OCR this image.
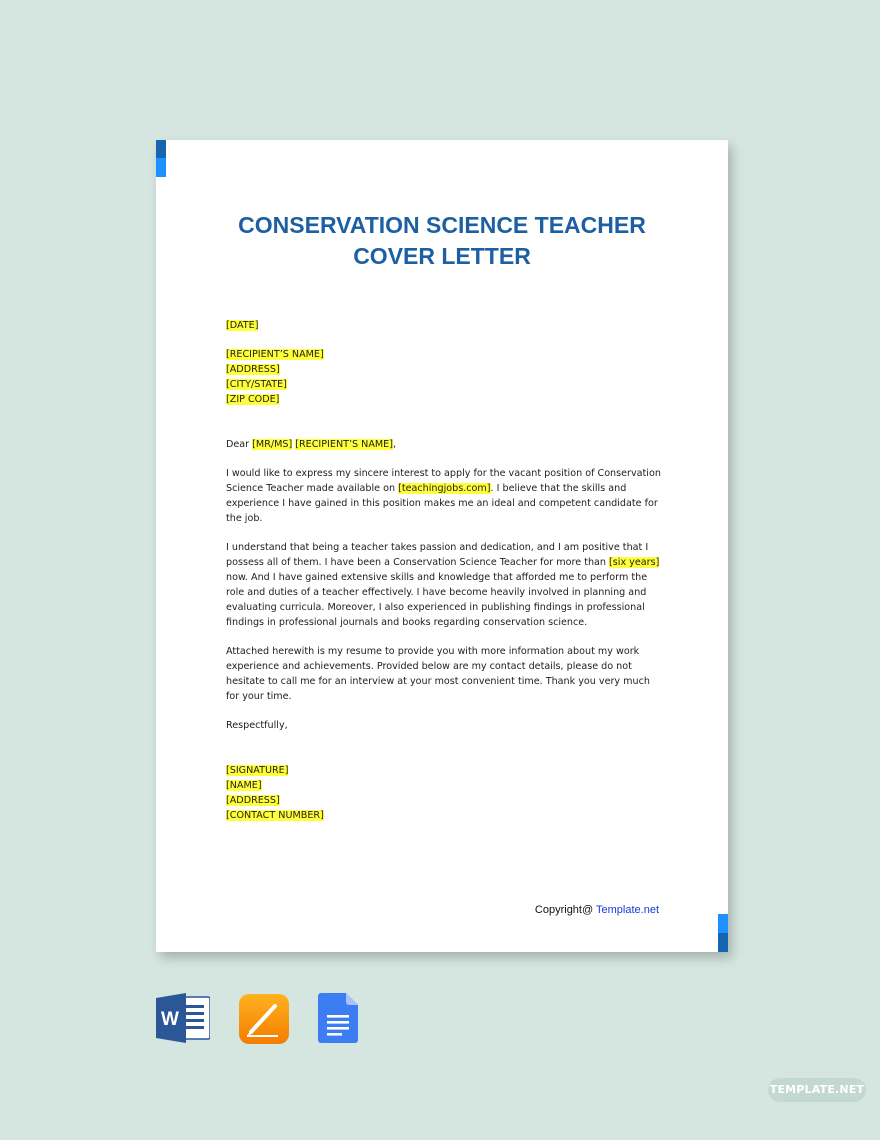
CONSERVATION SCIENCE TEACHER
COVER LETTER

[DATE]

[RECIPIENT’S NAME]

[ADDRESS]

[CITY/STATE]

[ZIP CODE]

Dear [MR/MS] [RECIPIENT’S NAME],

I would like to express my sincere interest to apply for the vacant position of Conservation Science Teacher made available on [teachingjobs.com]. I believe that the skills and experience I have gained in this position makes me an ideal and competent candidate for the job.

I understand that being a teacher takes passion and dedication, and I am positive that I possess all of them. I have been a Conservation Science Teacher for more than [six years] now. And I have gained extensive skills and knowledge that afforded me to perform the role and duties of a teacher effectively. I have become heavily involved in planning and evaluating curricula. Moreover, I also experienced in publishing findings in professional findings in professional journals and books regarding conservation science.

Attached herewith is my resume to provide you with more information about my work experience and achievements. Provided below are my contact details, please do not hesitate to call me for an interview at your most convenient time. Thank you very much for your time.

Respectfully,

[SIGNATURE]

[NAME]

[ADDRESS]

[CONTACT NUMBER]

Copyright@ Template.net
W
TEMPLATE.NET
